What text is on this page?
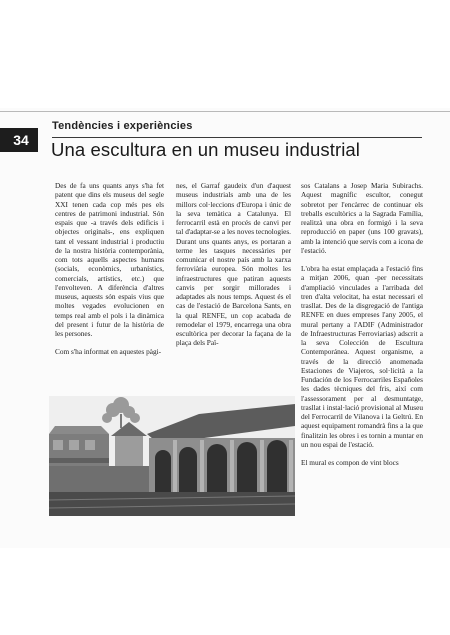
Tendències i experiències
34	Una escultura en un museu industrial

Des de fa uns quants anys s'ha fet patent que dins els museus del segle XXI tenen cada cop més pes els centres de patrimoni industrial. Són espais que -a través dels edificis i objectes originals-, ens expliquen tant el vessant industrial i productiu de la nostra història contemporània, com tots aquells aspectes humans (socials, econòmics, urbanístics, comercials, artístics, etc.) que l'envolteven. A diferència d'altres museus, aquests són espais vius que moltes vegades evolucionen en temps real amb el pols i la dinàmica del present i futur de la història de les persones.

Com s'ha informat en aquestes pàgi-

nes, el Garraf gaudeix d'un d'aquest museus industrials amb una de les millors col·leccions d'Europa i únic de la seva temàtica a Catalunya. El ferrocarril està en procés de canvi per tal d'adaptar-se a les noves tecnologies. Durant uns quants anys, es portaran a terme les tasques necessàries per comunicar el nostre país amb la xarxa ferroviària europea. Són moltes les infraestructures que patiran aquests canvis per sorgir millorades i adaptades als nous temps. Aquest és el cas de l'estació de Barcelona Sants, en la qual RENFE, un cop acabada de remodelar el 1979, encarrega una obra escultòrica per decorar la façana de la plaça dels Paï-

sos Catalans a Josep Maria Subirachs. Aquest magnífic escultor, conegut sobretot per l'encàrrec de continuar els treballs escultòrics a la Sagrada Família, realitzà una obra en formigó i la seva reproducció en paper (uns 100 gravats), amb la intenció que servís com a icona de l'estació.

L'obra ha estat emplaçada a l'estació fins a mitjan 2006, quan -per necessitats d'ampliació vinculades a l'arribada del tren d'alta velocitat, ha estat necessari el trasllat. Des de la disgregació de l'antiga RENFE en dues empreses l'any 2005, el mural pertany a l'ADIF (Administrador de Infraestructuras Ferroviarias) adscrit a la seva Colección de Escultura Contemporánea. Aquest organisme, a través de la direcció anomenada Estaciones de Viajeros, sol·licità a la Fundación de los Ferrocarriles Españoles les dades tècniques del fris, així com l'assessorament per al desmuntatge, trasllat i instal·lació provisional al Museu del Ferrocarril de Vilanova i la Geltrú. En aquest equipament romandrà fins a la que finalitzin les obres i es tornin a muntar en un nou espai de l'estació.

El mural es compon de vint blocs
